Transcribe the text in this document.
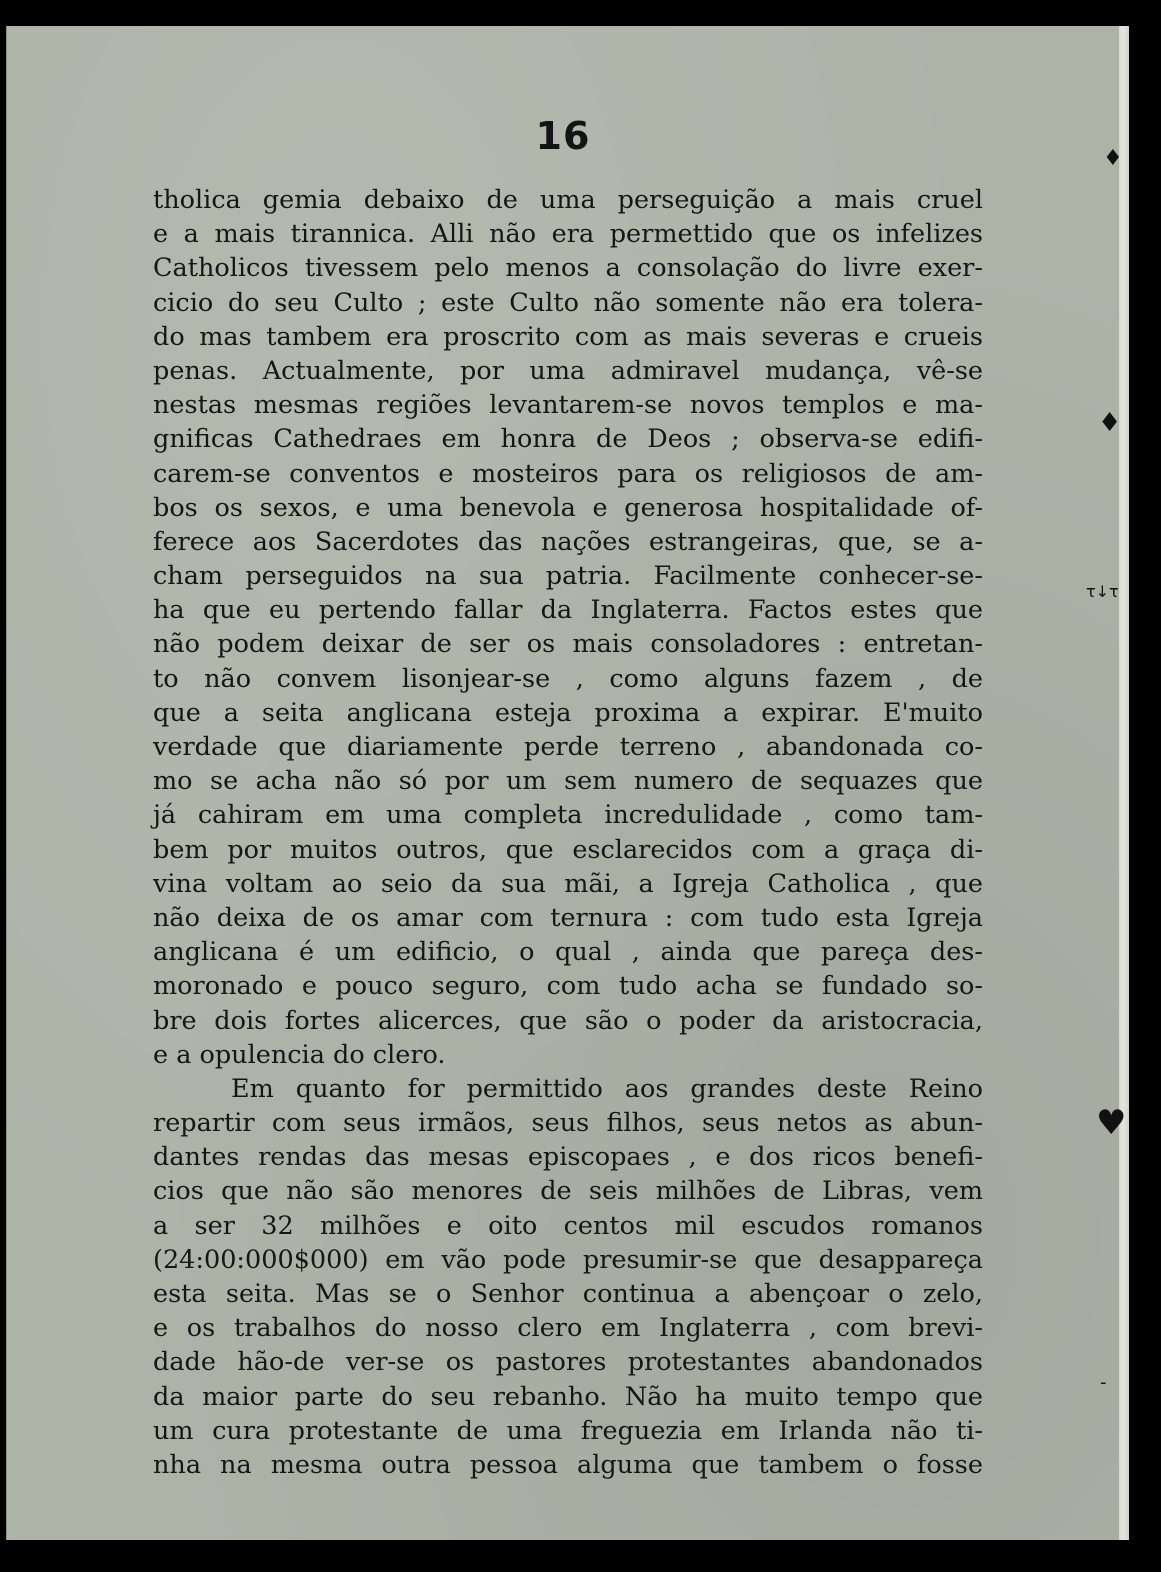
16
tholica gemia debaixo de uma perseguição a mais cruel
e a mais tirannica. Alli não era permettido que os infelizes
Catholicos tivessem pelo menos a consolação do livre exer-
cicio do seu Culto ; este Culto não somente não era tolera-
do mas tambem era proscrito com as mais severas e crueis
penas. Actualmente, por uma admiravel mudança, vê-se
nestas mesmas regiões levantarem-se novos templos e ma-
gnificas Cathedraes em honra de Deos ; observa-se edifi-
carem-se conventos e mosteiros para os religiosos de am-
bos os sexos, e uma benevola e generosa hospitalidade of-
ferece aos Sacerdotes das nações estrangeiras, que, se a-
cham perseguidos na sua patria. Facilmente conhecer-se-
ha que eu pertendo fallar da Inglaterra. Factos estes que
não podem deixar de ser os mais consoladores : entretan-
to não convem lisonjear-se , como alguns fazem , de
que a seita anglicana esteja proxima a expirar. E'muito
verdade que diariamente perde terreno , abandonada co-
mo se acha não só por um sem numero de sequazes que
já cahiram em uma completa incredulidade , como tam-
bem por muitos outros, que esclarecidos com a graça di-
vina voltam ao seio da sua mãi, a Igreja Catholica , que
não deixa de os amar com ternura : com tudo esta Igreja
anglicana é um edificio, o qual , ainda que pareça des-
moronado e pouco seguro, com tudo acha se fundado so-
bre dois fortes alicerces, que são o poder da aristocracia,
e a opulencia do clero.
Em quanto for permittido aos grandes deste Reino
repartir com seus irmãos, seus filhos, seus netos as abun-
dantes rendas das mesas episcopaes , e dos ricos benefi-
cios que não são menores de seis milhões de Libras, vem
a ser 32 milhões e oito centos mil escudos romanos
(24:00:000$000) em vão pode presumir-se que desappareça
esta seita. Mas se o Senhor continua a abençoar o zelo,
e os trabalhos do nosso clero em Inglaterra , com brevi-
dade hão-de ver-se os pastores protestantes abandonados
da maior parte do seu rebanho. Não ha muito tempo que
um cura protestante de uma freguezia em Irlanda não ti-
nha na mesma outra pessoa alguma que tambem o fosse
♦
♦
τ↓τ
♥
-
